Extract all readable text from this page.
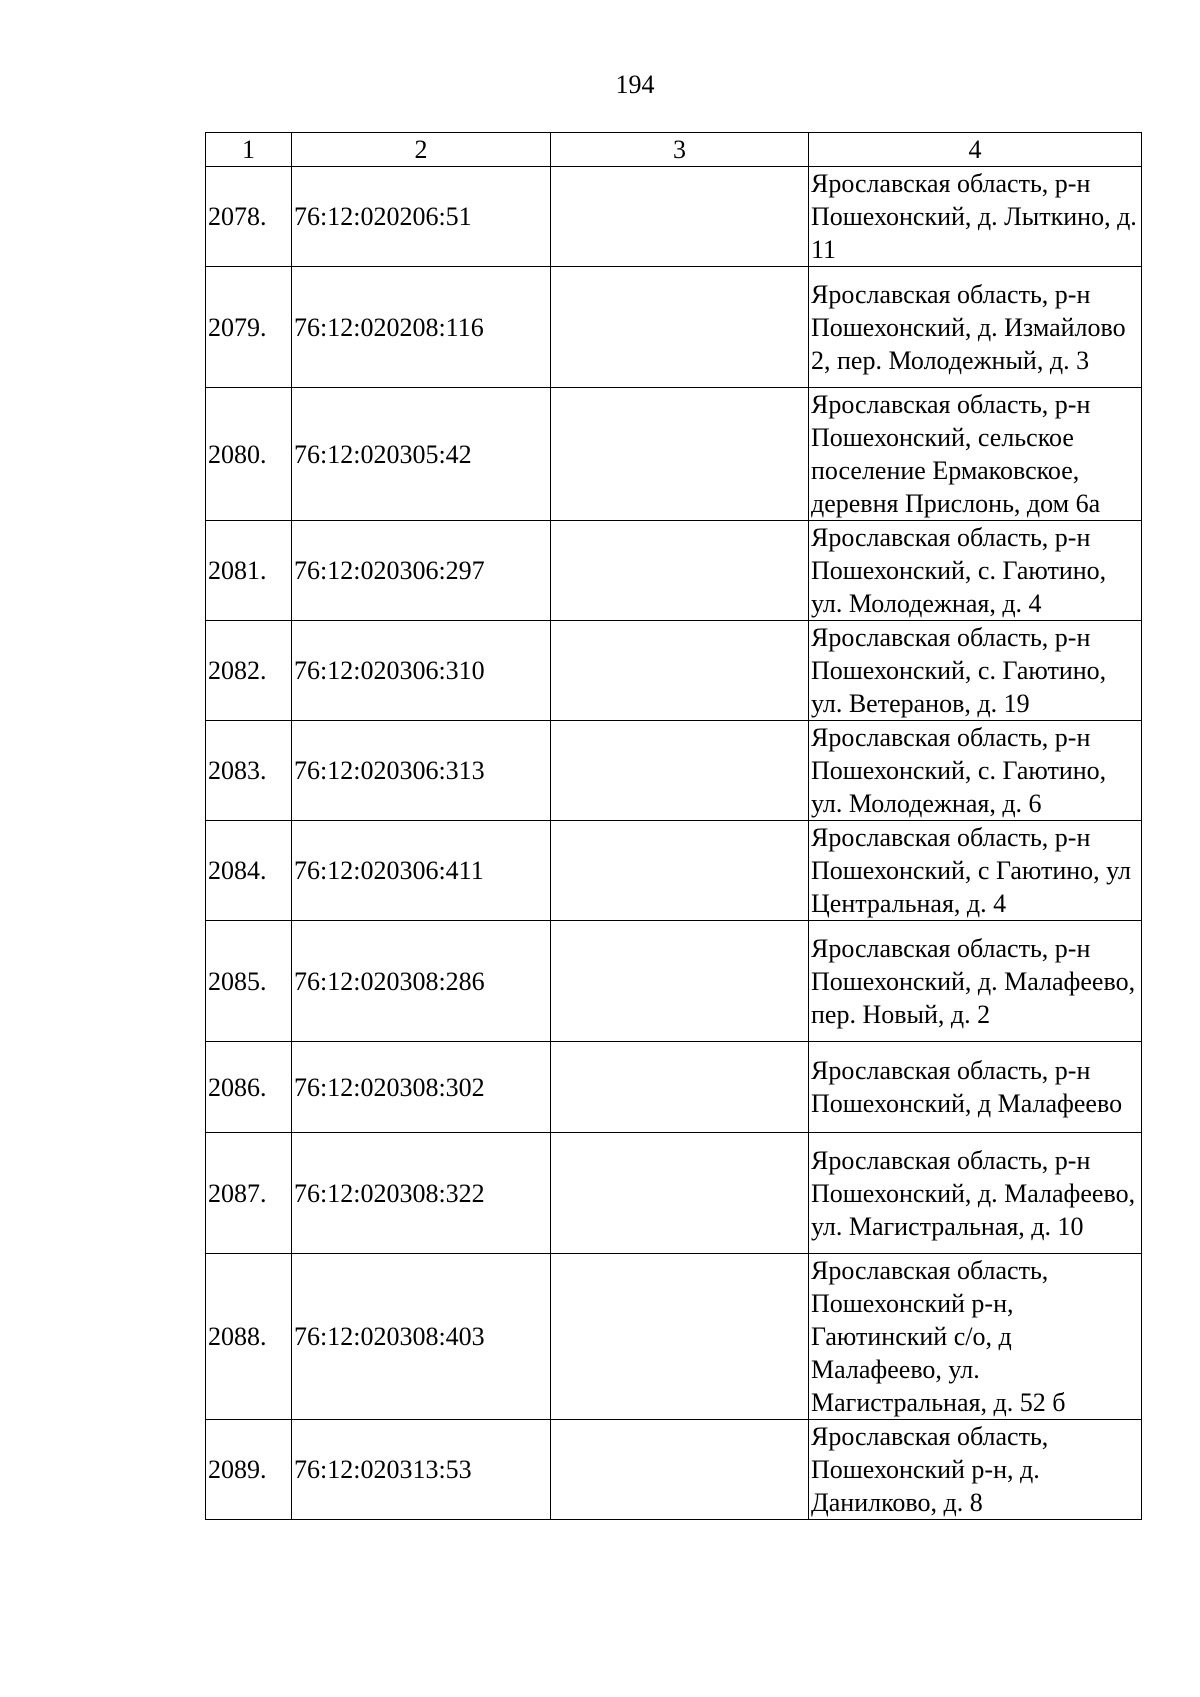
194
1	2	3	4
2078.	76:12:020206:51		Ярославская область, р-н Пошехонский, д. Лыткино, д. 11
2079.	76:12:020208:116		Ярославская область, р-н Пошехонский, д. Измайлово 2, пер. Молодежный, д. 3
2080.	76:12:020305:42		Ярославская область, р-н Пошехонский, сельское поселение Ермаковское, деревня Прислонь, дом 6а
2081.	76:12:020306:297		Ярославская область, р-н Пошехонский, с. Гаютино, ул. Молодежная, д. 4
2082.	76:12:020306:310		Ярославская область, р-н Пошехонский, с. Гаютино, ул. Ветеранов, д. 19
2083.	76:12:020306:313		Ярославская область, р-н Пошехонский, с. Гаютино, ул. Молодежная, д. 6
2084.	76:12:020306:411		Ярославская область, р-н Пошехонский, с Гаютино, ул Центральная, д. 4
2085.	76:12:020308:286		Ярославская область, р-н Пошехонский, д. Малафеево, пер. Новый, д. 2
2086.	76:12:020308:302		Ярославская область, р-н Пошехонский, д Малафеево
2087.	76:12:020308:322		Ярославская область, р-н Пошехонский, д. Малафеево, ул. Магистральная, д. 10
2088.	76:12:020308:403		Ярославская область, Пошехонский р-н, Гаютинский с/о, д Малафеево, ул. Магистральная, д. 52 б
2089.	76:12:020313:53		Ярославская область, Пошехонский р-н, д. Данилково, д. 8
